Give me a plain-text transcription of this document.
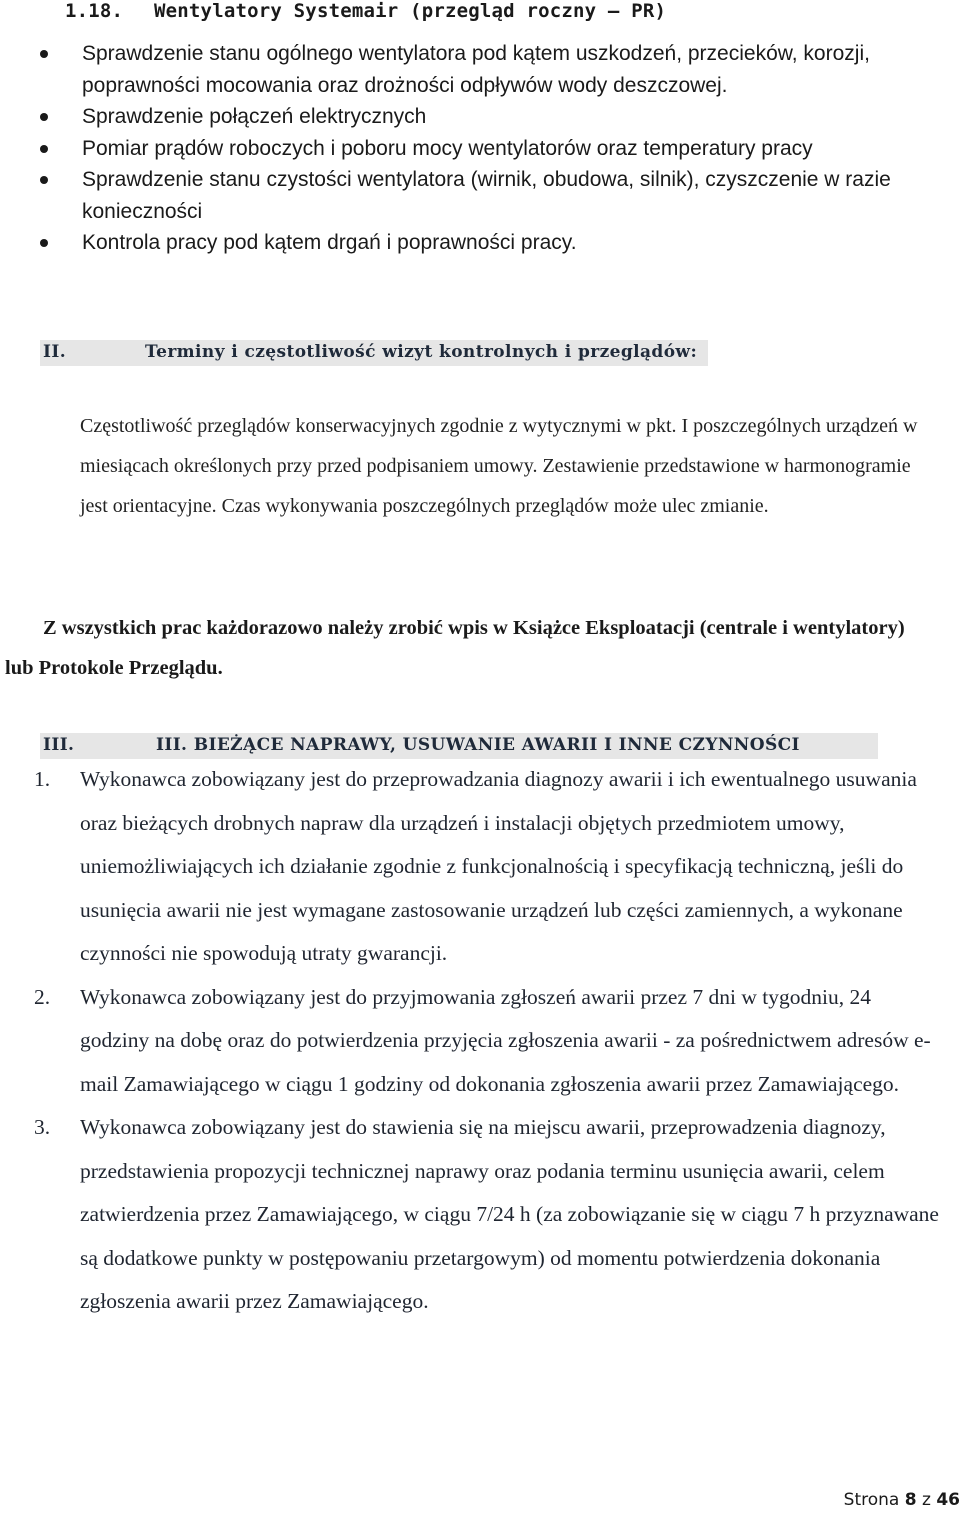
1.18. Wentylatory Systemair (przegląd roczny – PR)
Sprawdzenie stanu ogólnego wentylatora pod kątem uszkodzeń, przecieków, korozji, poprawności mocowania oraz drożności odpływów wody deszczowej.
Sprawdzenie połączeń elektrycznych
Pomiar prądów roboczych i poboru mocy wentylatorów oraz temperatury pracy
Sprawdzenie stanu czystości wentylatora (wirnik, obudowa, silnik), czyszczenie w razie konieczności
Kontrola pracy pod kątem drgań i poprawności pracy.
II.	Terminy i częstotliwość wizyt kontrolnych i przeglądów:

Częstotliwość przeglądów konserwacyjnych zgodnie z wytycznymi w pkt. I poszczególnych urządzeń w miesiącach określonych przy przed podpisaniem umowy. Zestawienie przedstawione w harmonogramie jest orientacyjne. Czas wykonywania poszczególnych przeglądów może ulec zmianie.

Z wszystkich prac każdorazowo należy zrobić wpis w Książce Eksploatacji (centrale i wentylatory) lub Protokole Przeglądu.

III.	III. BIEŻĄCE NAPRAWY, USUWANIE AWARII I INNE CZYNNOŚCI
1. Wykonawca zobowiązany jest do przeprowadzania diagnozy awarii i ich ewentualnego usuwania oraz bieżących drobnych napraw dla urządzeń i instalacji objętych przedmiotem umowy, uniemożliwiających ich działanie zgodnie z funkcjonalnością i specyfikacją techniczną, jeśli do usunięcia awarii nie jest wymagane zastosowanie urządzeń lub części zamiennych, a wykonane czynności nie spowodują utraty gwarancji.
2. Wykonawca zobowiązany jest do przyjmowania zgłoszeń awarii przez 7 dni w tygodniu, 24 godziny na dobę oraz do potwierdzenia przyjęcia zgłoszenia awarii - za pośrednictwem adresów e-mail Zamawiającego w ciągu 1 godziny od dokonania zgłoszenia awarii przez Zamawiającego.
3. Wykonawca zobowiązany jest do stawienia się na miejscu awarii, przeprowadzenia diagnozy, przedstawienia propozycji technicznej naprawy oraz podania terminu usunięcia awarii, celem zatwierdzenia przez Zamawiającego, w ciągu 7/24 h (za zobowiązanie się w ciągu 7 h przyznawane są dodatkowe punkty w postępowaniu przetargowym) od momentu potwierdzenia dokonania zgłoszenia awarii przez Zamawiającego.
Strona 8 z 46
